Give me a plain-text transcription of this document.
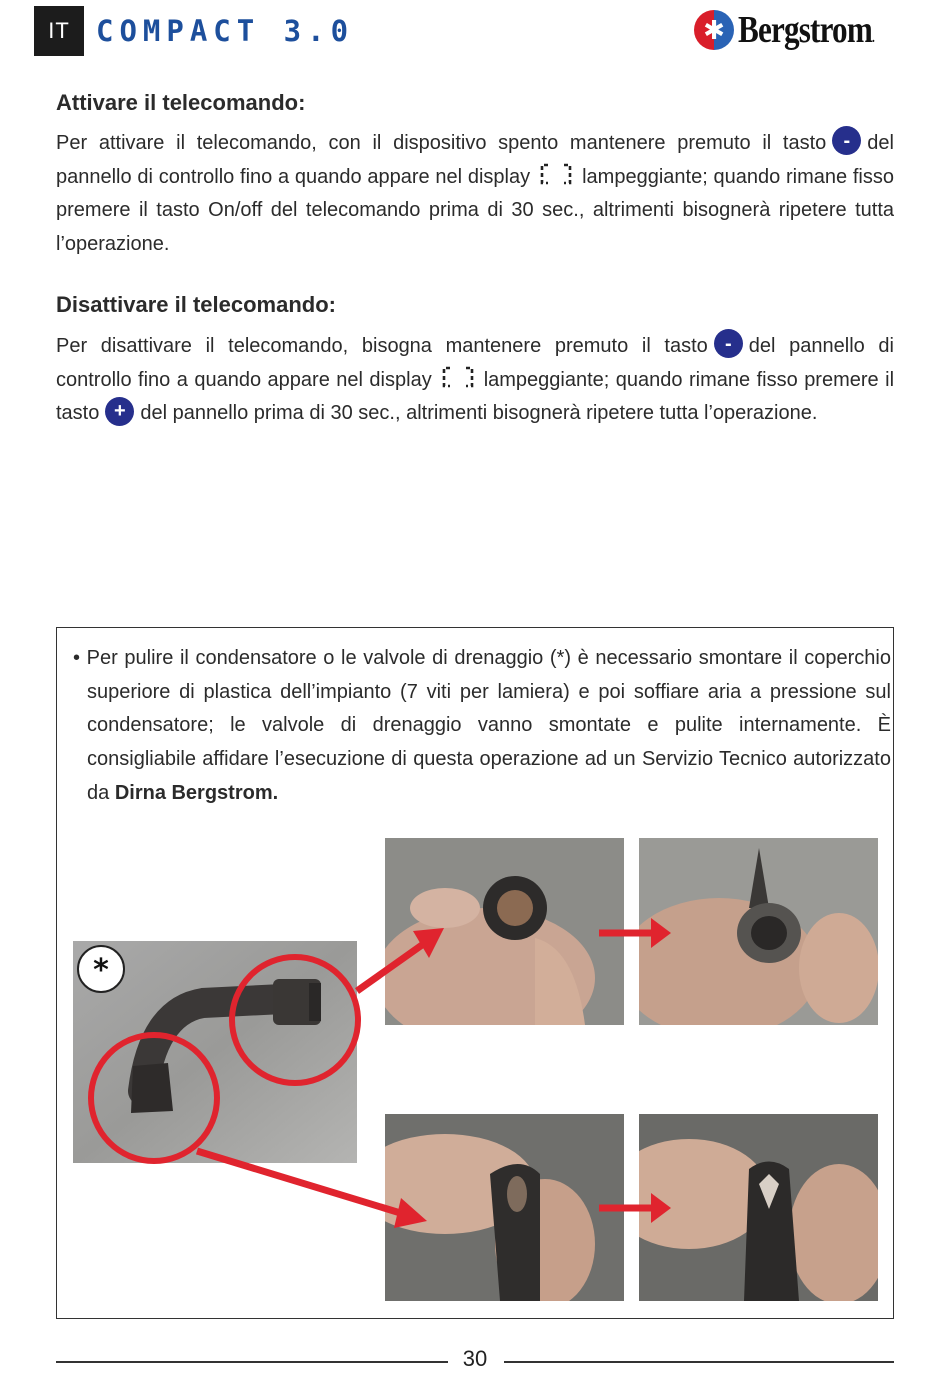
IT COMPACT 3.0
✱	Bergstrom.
Attivare il telecomando:
Per attivare il telecomando, con il dispositivo spento mantenere premuto il tasto - del pannello di controllo fino a quando appare nel display	lampeggiante; quando rimane fisso premere il tasto On/off del telecomando prima di 30 sec., altrimenti bisognerà ripetere tutta l’operazione.
Disattivare il telecomando:
Per disattivare il telecomando, bisogna mantenere premuto il tasto - del pannello di controllo fino a quando appare nel display	lampeggiante; quando rimane fisso premere il tasto + del pannello prima di 30 sec., altrimenti bisognerà ripetere tutta l’operazione.
• Per pulire il condensatore o le valvole di drenaggio (*) è necessario smontare il coperchio superiore di plastica dell’impianto (7 viti per lamiera) e poi soffiare aria a pressione sul condensatore; le valvole di drenaggio vanno smontate e pulite internamente. È consigliabile affidare l’esecuzione di questa operazione ad un Servizio Tecnico autorizzato da Dirna Bergstrom.
*
30
